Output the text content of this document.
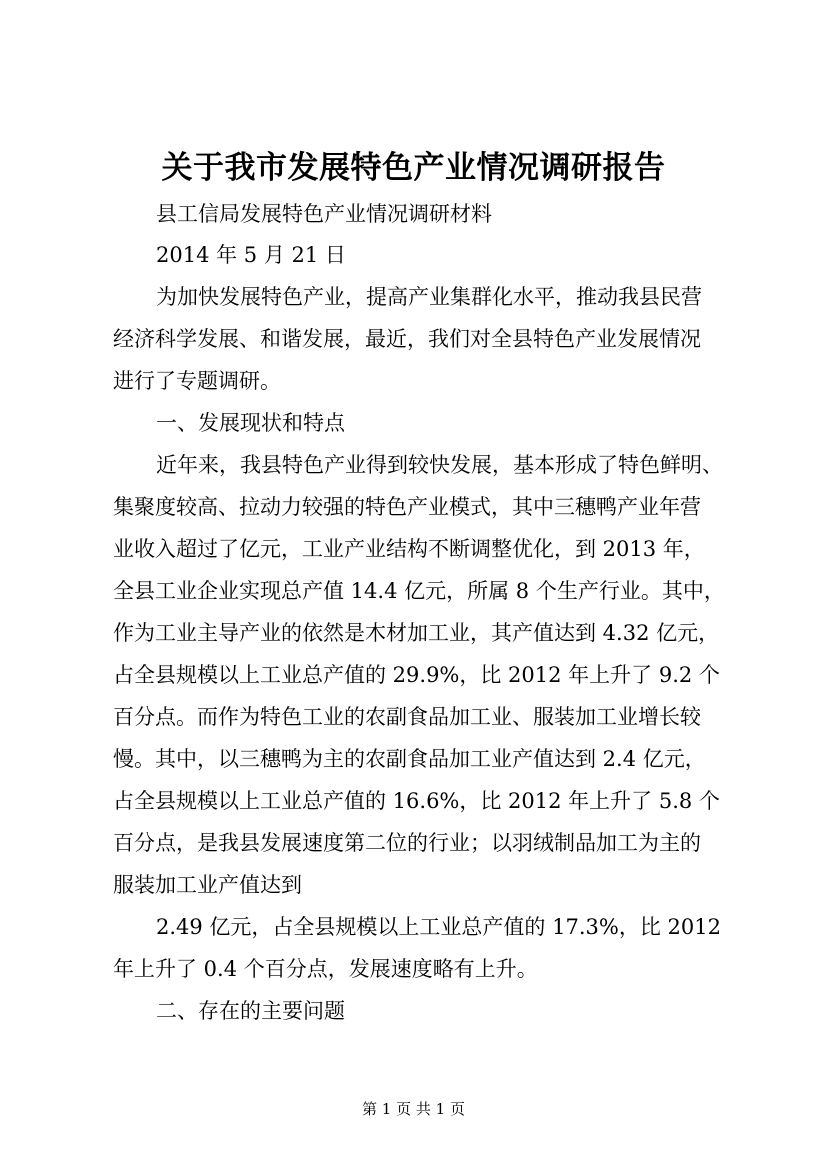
关于我市发展特色产业情况调研报告

县工信局发展特色产业情况调研材料

2014 年 5 月 21 日

为加快发展特色产业，提高产业集群化水平，推动我县民营

经济科学发展、和谐发展，最近，我们对全县特色产业发展情况

进行了专题调研。

一、发展现状和特点

近年来，我县特色产业得到较快发展，基本形成了特色鲜明、

集聚度较高、拉动力较强的特色产业模式，其中三穗鸭产业年营

业收入超过了亿元，工业产业结构不断调整优化，到 2013 年，

全县工业企业实现总产值 14.4 亿元，所属 8 个生产行业。其中，

作为工业主导产业的依然是木材加工业，其产值达到 4.32 亿元，

占全县规模以上工业总产值的 29.9%，比 2012 年上升了 9.2 个

百分点。而作为特色工业的农副食品加工业、服装加工业增长较

慢。其中，以三穗鸭为主的农副食品加工业产值达到 2.4 亿元，

占全县规模以上工业总产值的 16.6%，比 2012 年上升了 5.8 个

百分点，是我县发展速度第二位的行业；以羽绒制品加工为主的

服装加工业产值达到

2.49 亿元，占全县规模以上工业总产值的 17.3%，比 2012

年上升了 0.4 个百分点，发展速度略有上升。

二、存在的主要问题

第 1 页 共 1 页
